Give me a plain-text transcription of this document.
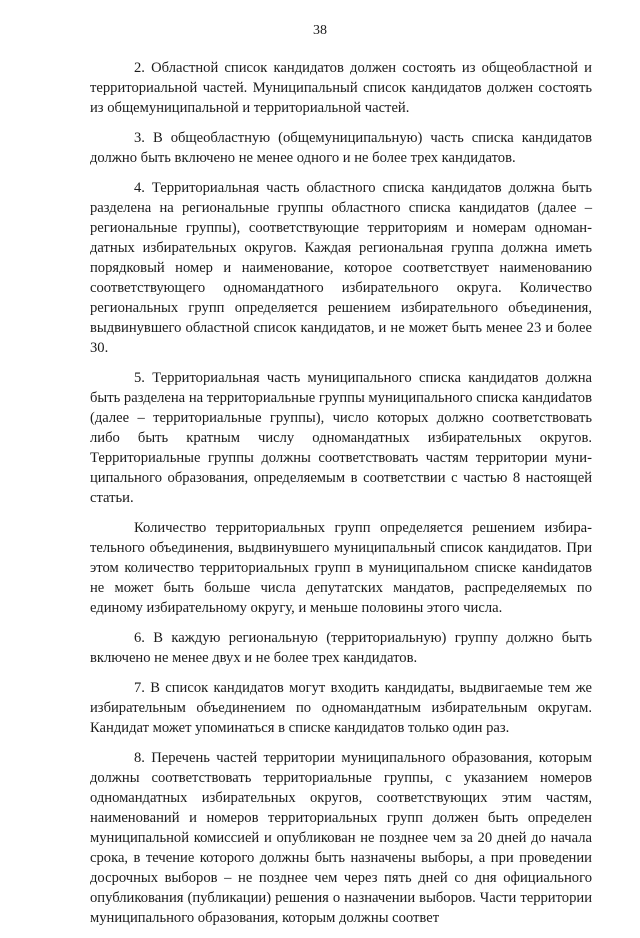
38

2. Областной список кандидатов должен состоять из общеобластной и территориальной частей. Муниципальный список кандидатов должен состоять из общемуниципальной и территориальной частей.

3. В общеобластную (общемуниципальную) часть списка кандидатов должно быть включено не менее одного и не более трех кандидатов.

4. Территориальная часть областного списка кандидатов должна быть разделена на региональные группы областного списка кандидатов (далее – региональные группы), соответствующие территориям и номерам одномандатных избирательных округов. Каждая региональная группа должна иметь порядковый номер и наименование, которое соответствует наименованию соответствующего одномандатного избирательного округа. Количество региональных групп определяется решением избирательного объединения, выдвинувшего областной список кандидатов, и не может быть менее 23 и более 30.

5. Территориальная часть муниципального списка кандидатов должна быть разделена на территориальные группы муниципального списка кандиdатов (далее – территориальные группы), число которых должно соответствовать либо быть кратным числу одномандатных избирательных округов. Территориальные группы должны соответствовать частям территории муниципального образования, определяемым в соответствии с частью 8 настоящей статьи.

Количество территориальных групп определяется решением избирательного объединения, выдвинувшего муниципальный список кандидатов. При этом количество территориальных групп в муниципальном списке канdидатов не может быть больше числа депутатских мандатов, распределяемых по единому избирательному округу, и меньше половины этого числа.

6. В каждую региональную (территориальную) группу должно быть включено не менее двух и не более трех кандидатов.

7. В список кандидатов могут входить кандидаты, выдвигаемые тем же избирательным объединением по одномандатным избирательным округам. Кандидат может упоминаться в списке кандидатов только один раз.

8. Перечень частей территории муниципального образования, которым должны соответствовать территориальные группы, с указанием номеров одномандатных избирательных округов, соответствующих этим частям, наименований и номеров территориальных групп должен быть определен муниципальной комиссией и опубликован не позднее чем за 20 дней до начала срока, в течение которого должны быть назначены выборы, а при проведении досрочных выборов – не позднее чем через пять дней со дня официального опубликования (публикации) решения о назначении выборов. Части территории муниципального образования, которым должны соответ
